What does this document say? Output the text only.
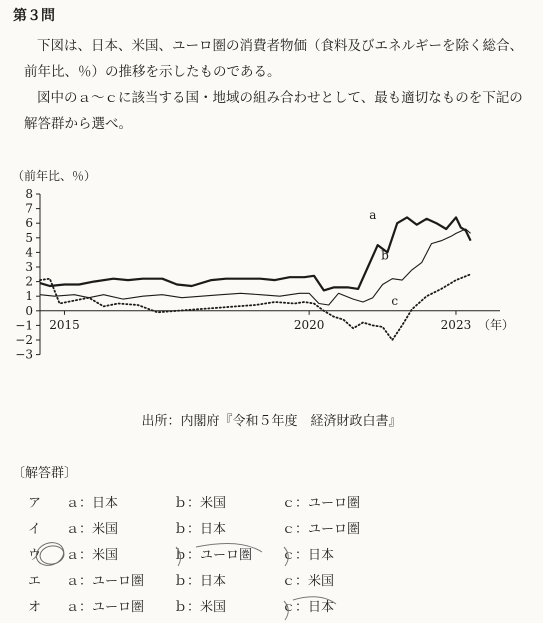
第３問
下図は、日本、米国、ユーロ圏の消費者物価（食料及びエネルギーを除く総合、
前年比、％）の推移を示したものである。
図中のａ～ｃに該当する国・地域の組み合わせとして、最も適切なものを下記の
解答群から選べ。
（前年比、％）
8
7
6
5
4
3
2
1
0
−1
−2
−3
2015	2020	2023 （年）
a
b
c
出所：内閣府『令和５年度　経済財政白書』
〔解答群〕
ア ａ：日本	ｂ：米国	ｃ：ユーロ圏
イ ａ：米国	ｂ：日本	ｃ：ユーロ圏
ウ ａ：米国	ｂ：ユーロ圏 ｃ：日本
エ ａ：ユーロ圏 ｂ：日本	ｃ：米国
オ ａ：ユーロ圏 ｂ：米国	ｃ：日本
